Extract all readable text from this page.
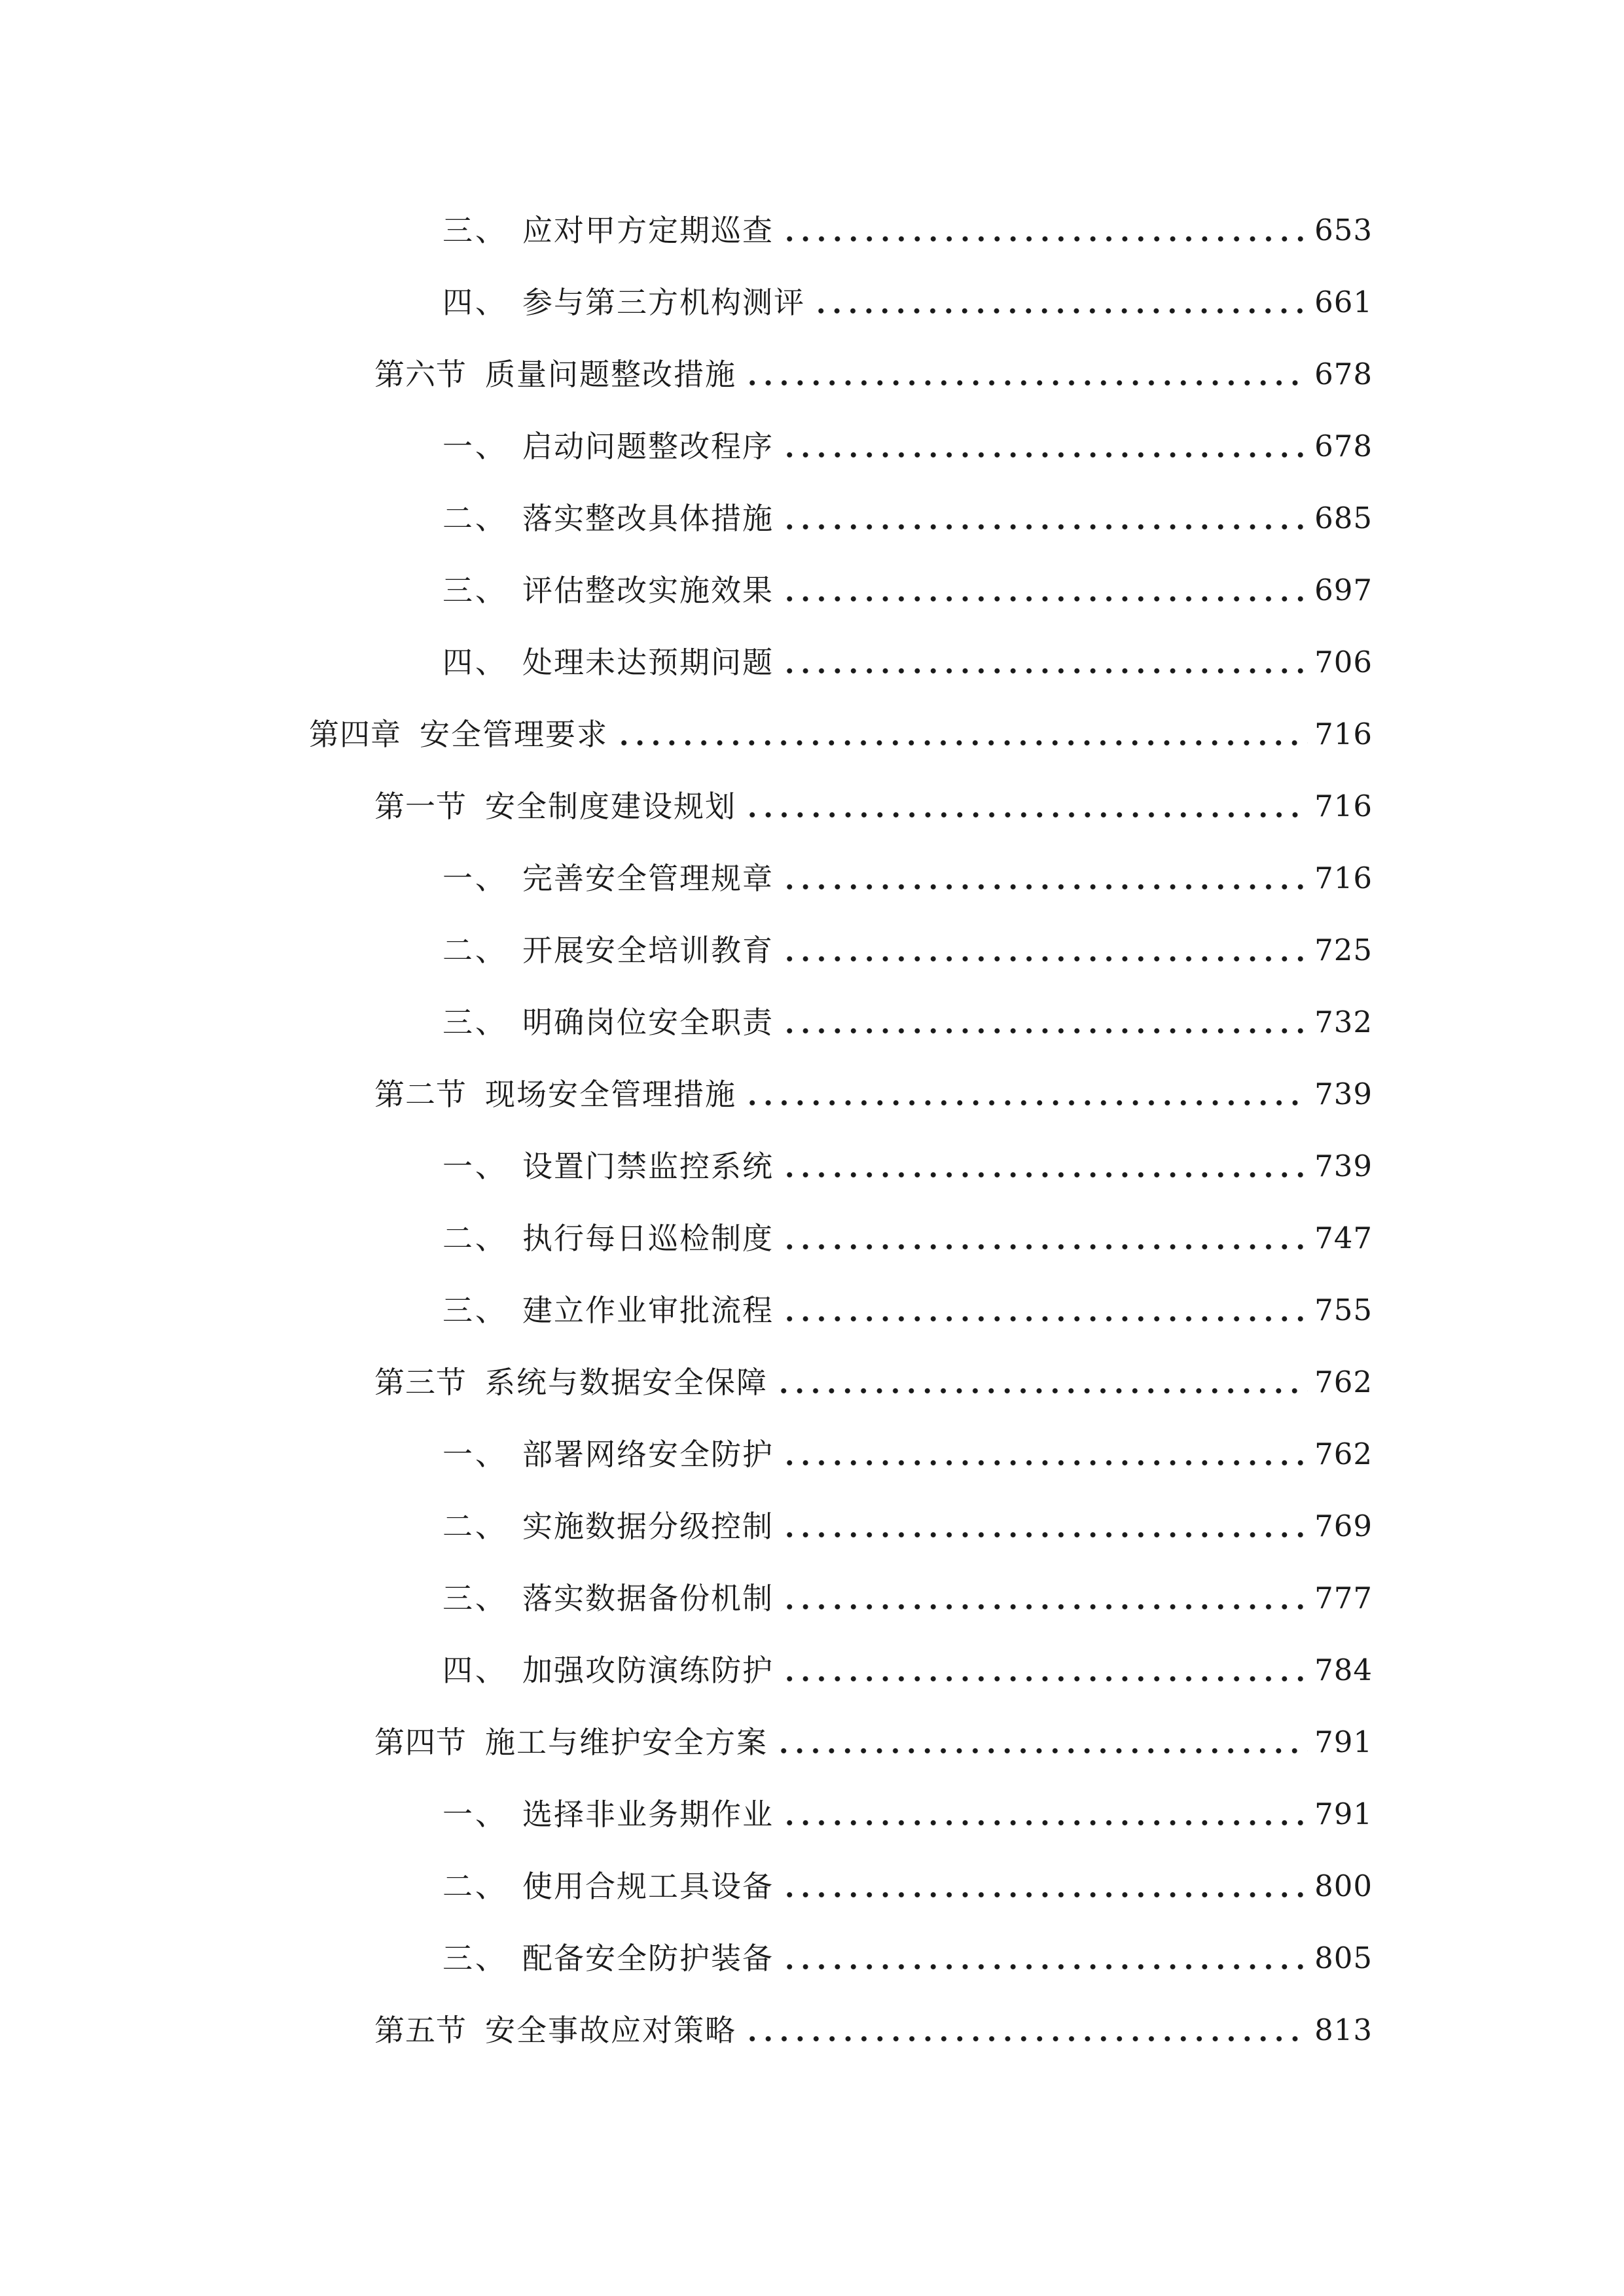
三、 应对甲方定期巡查	653
四、 参与第三方机构测评	661
第六节 质量问题整改措施	678
一、 启动问题整改程序	678
二、 落实整改具体措施	685
三、 评估整改实施效果	697
四、 处理未达预期问题	706
第四章 安全管理要求	716
第一节 安全制度建设规划	716
一、 完善安全管理规章	716
二、 开展安全培训教育	725
三、 明确岗位安全职责	732
第二节 现场安全管理措施	739
一、 设置门禁监控系统	739
二、 执行每日巡检制度	747
三、 建立作业审批流程	755
第三节 系统与数据安全保障	762
一、 部署网络安全防护	762
二、 实施数据分级控制	769
三、 落实数据备份机制	777
四、 加强攻防演练防护	784
第四节 施工与维护安全方案	791
一、 选择非业务期作业	791
二、 使用合规工具设备	800
三、 配备安全防护装备	805
第五节 安全事故应对策略	813
